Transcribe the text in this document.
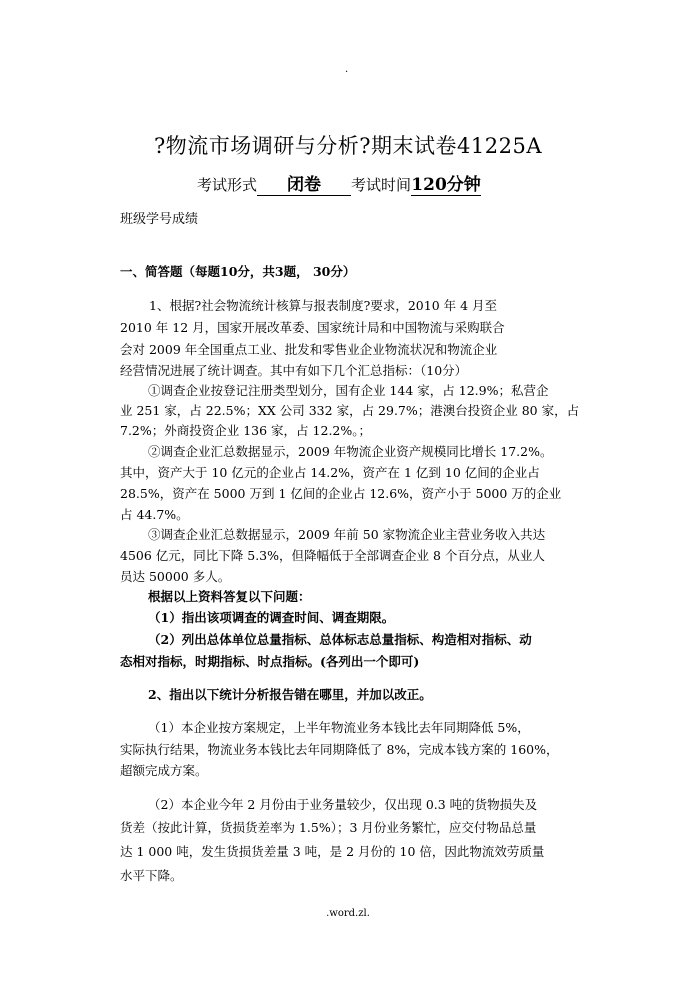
.
?物流市场调研与分析?期末试卷41225A
考试形式 闭卷 考试时间120分钟
班级学号成绩
一、简答题（每题10分，共3题， 30分）
1、根据?社会物流统计核算与报表制度?要求，2010 年 4 月至
2010 年 12 月，国家开展改革委、国家统计局和中国物流与采购联合
会对 2009 年全国重点工业、批发和零售业企业物流状况和物流企业
经营情况进展了统计调查。其中有如下几个汇总指标：（10分）
①调查企业按登记注册类型划分，国有企业 144 家，占 12.9%；私营企
业 251 家，占 22.5%；XX 公司 332 家，占 29.7%；港澳台投资企业 80 家，占
7.2%；外商投资企业 136 家，占 12.2%。；
②调查企业汇总数据显示，2009 年物流企业资产规模同比增长 17.2%。
其中，资产大于 10 亿元的企业占 14.2%，资产在 1 亿到 10 亿间的企业占
28.5%，资产在 5000 万到 1 亿间的企业占 12.6%，资产小于 5000 万的企业
占 44.7%。
③调查企业汇总数据显示，2009 年前 50 家物流企业主营业务收入共达
4506 亿元，同比下降 5.3%，但降幅低于全部调查企业 8 个百分点，从业人
员达 50000 多人。
根据以上资料答复以下问题：
（1）指出该项调查的调查时间、调查期限。
（2）列出总体单位总量指标、总体标志总量指标、构造相对指标、动
态相对指标，时期指标、时点指标。(各列出一个即可)
2、指出以下统计分析报告错在哪里，并加以改正。
（1）本企业按方案规定，上半年物流业务本钱比去年同期降低 5%，
实际执行结果，物流业务本钱比去年同期降低了 8%，完成本钱方案的 160%，
超额完成方案。
（2）本企业今年 2 月份由于业务量较少，仅出现 0.3 吨的货物损失及
货差（按此计算，货损货差率为 1.5%）；3 月份业务繁忙，应交付物品总量
达 1 000 吨，发生货损货差量 3 吨，是 2 月份的 10 倍，因此物流效劳质量
水平下降。
.word.zl.
